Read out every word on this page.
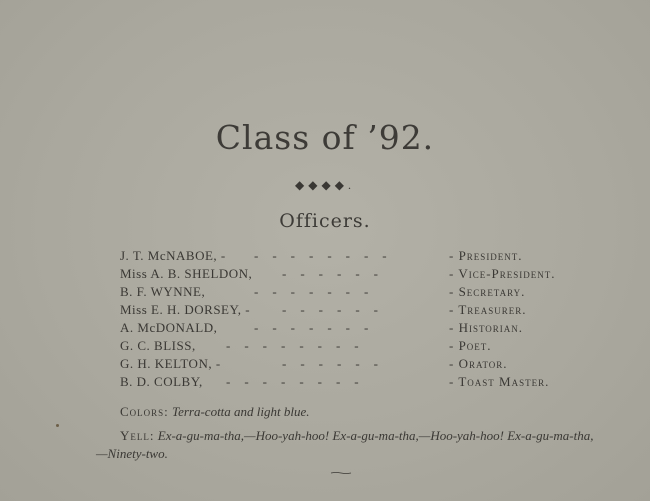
Class of ’92.
◆◆◆◆.
Officers.
J. T. McNABOE, - --------	- President.
Miss A. B. SHELDON, ------	- Vice-President.
B. F. WYNNE,	-------	- Secretary.
Miss E. H. DORSEY, - ------	- Treasurer.
A. McDONALD,	-------	- Historian.
G. C. BLISS, --------	- Poet.
G. H. KELTON, -	------	- Orator.
B. D. COLBY, --------	- Toast Master.
Colors: Terra-cotta and light blue.
Yell: Ex-a-gu-ma-tha,—Hoo-yah-hoo! Ex-a-gu-ma-tha,—Hoo-yah-hoo! Ex-a-gu-ma-tha,—Ninety-two.
